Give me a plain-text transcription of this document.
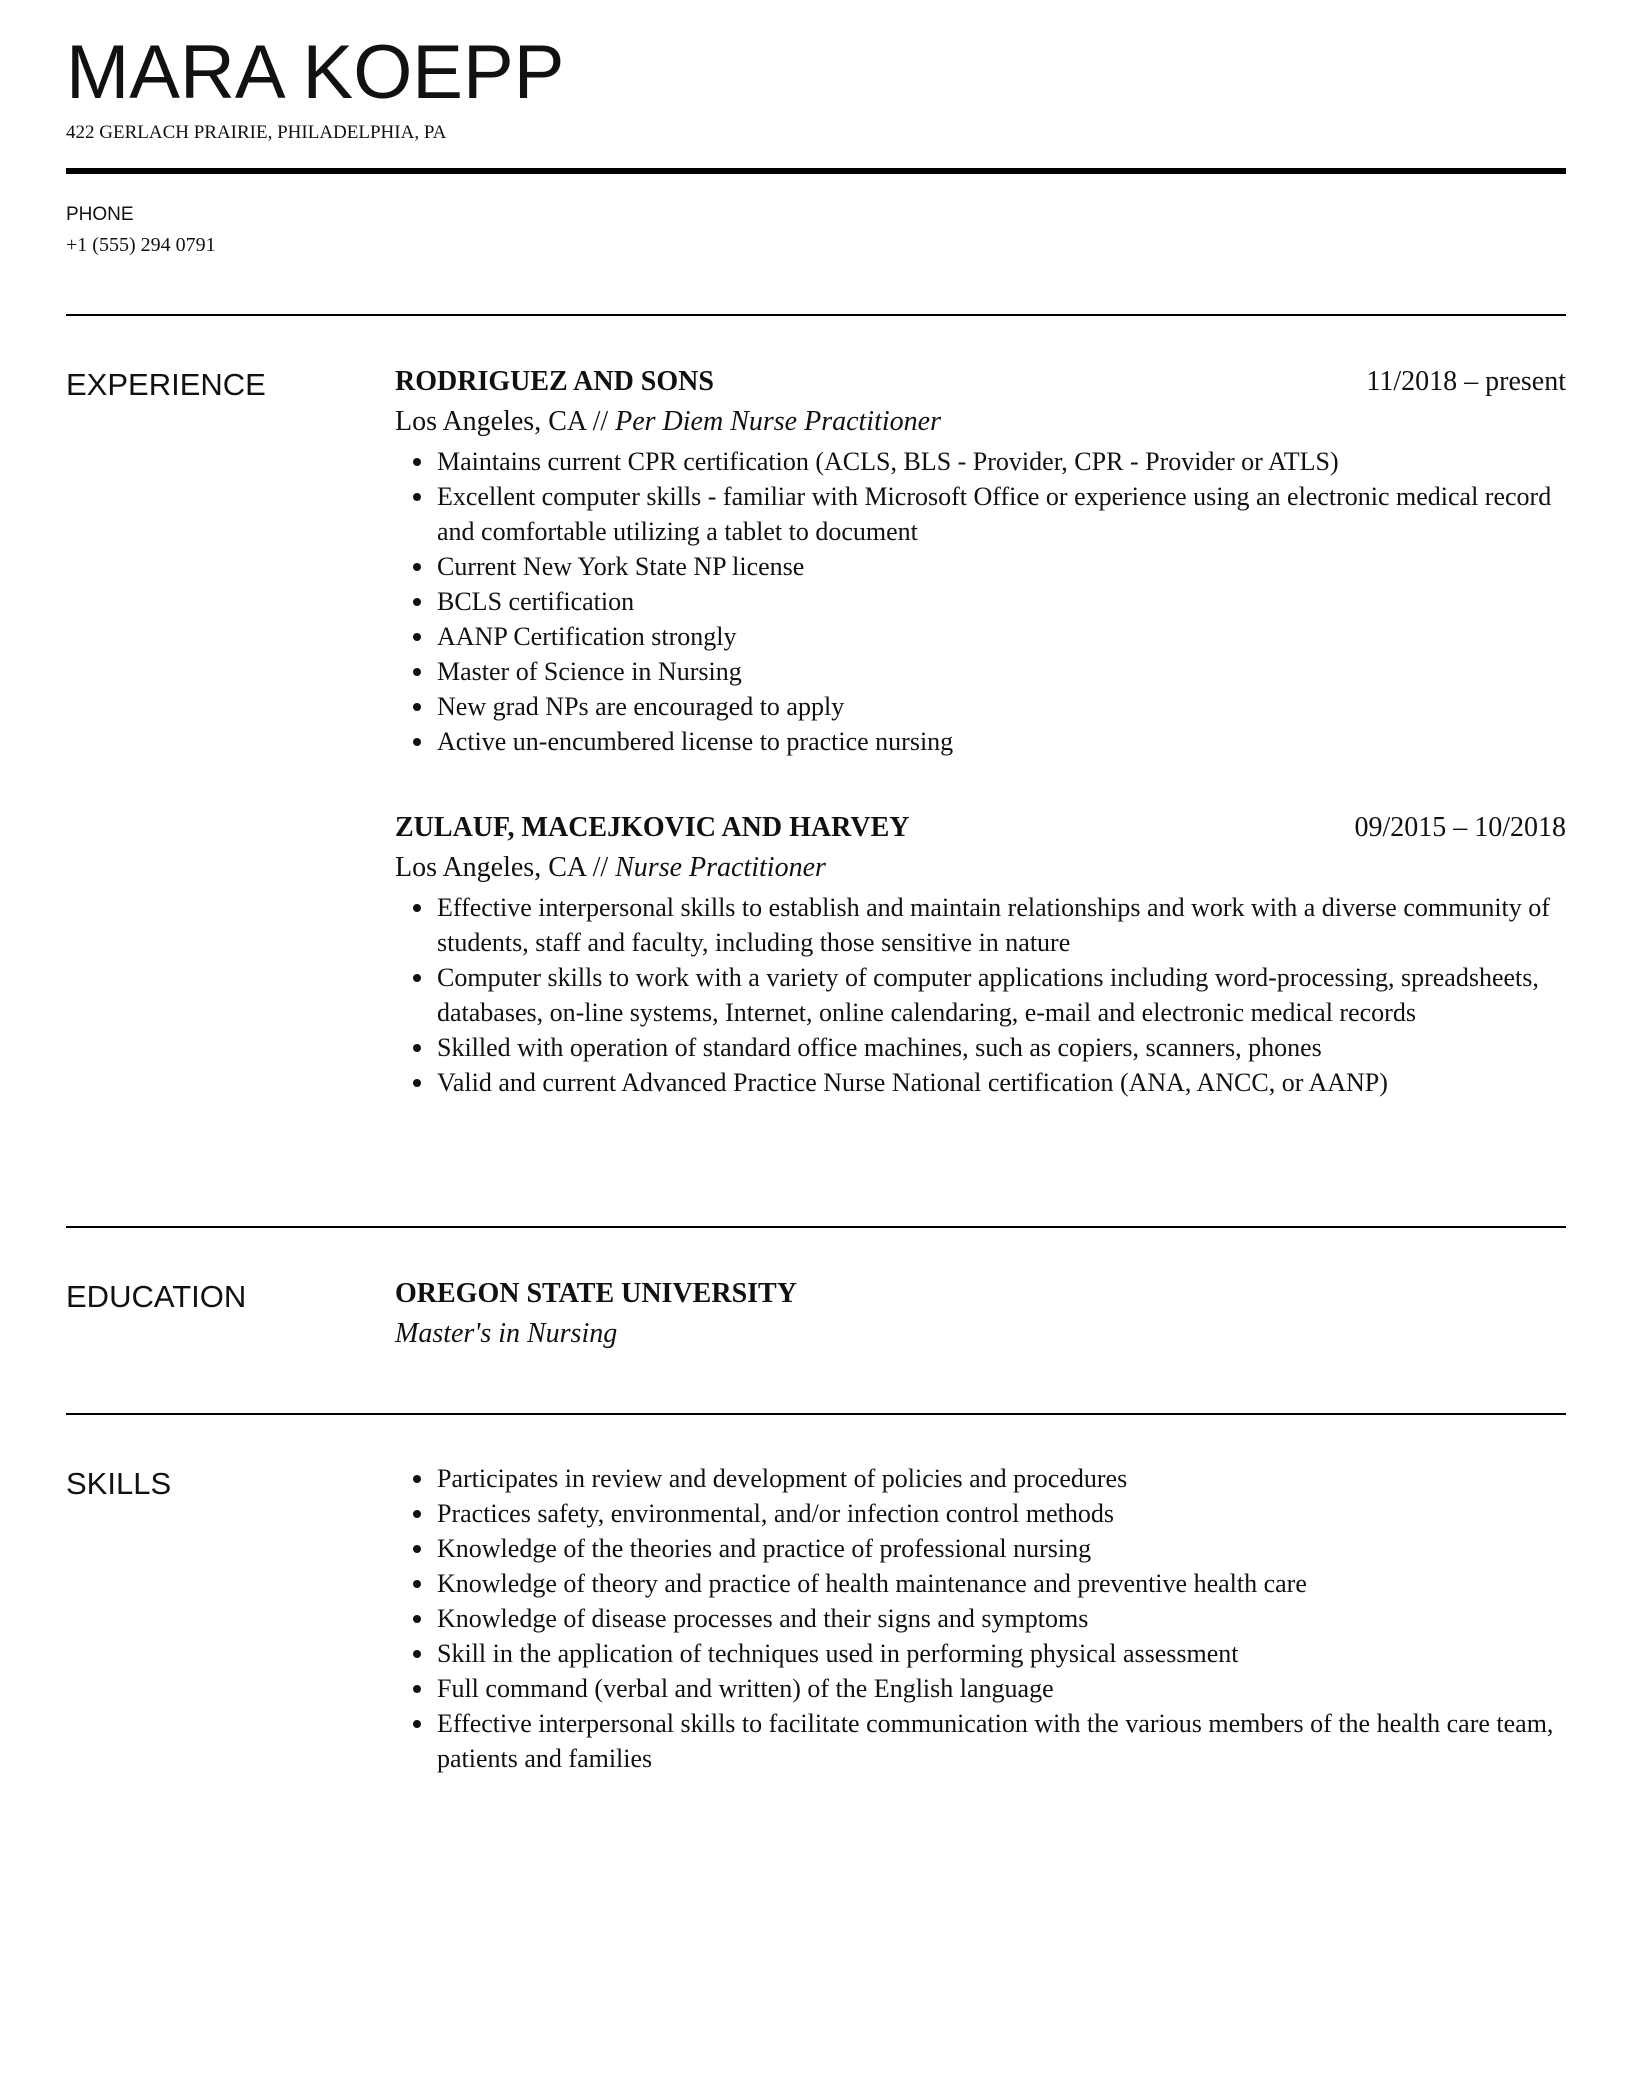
MARA KOEPP
422 GERLACH PRAIRIE, PHILADELPHIA, PA
PHONE
+1 (555) 294 0791
EXPERIENCE	RODRIGUEZ AND SONS	11/2018 – present
Los Angeles, CA // Per Diem Nurse Practitioner
Maintains current CPR certification (ACLS, BLS - Provider, CPR - Provider or ATLS)
Excellent computer skills - familiar with Microsoft Office or experience using an electronic medical record and comfortable utilizing a tablet to document
Current New York State NP license
BCLS certification
AANP Certification strongly
Master of Science in Nursing
New grad NPs are encouraged to apply
Active un-encumbered license to practice nursing
ZULAUF, MACEJKOVIC AND HARVEY	09/2015 – 10/2018
Los Angeles, CA // Nurse Practitioner
Effective interpersonal skills to establish and maintain relationships and work with a diverse community of students, staff and faculty, including those sensitive in nature
Computer skills to work with a variety of computer applications including word-processing, spreadsheets, databases, on-line systems, Internet, online calendaring, e-mail and electronic medical records
Skilled with operation of standard office machines, such as copiers, scanners, phones
Valid and current Advanced Practice Nurse National certification (ANA, ANCC, or AANP)
EDUCATION	OREGON STATE UNIVERSITY
Master's in Nursing
SKILLS	Participates in review and development of policies and procedures
Practices safety, environmental, and/or infection control methods
Knowledge of the theories and practice of professional nursing
Knowledge of theory and practice of health maintenance and preventive health care
Knowledge of disease processes and their signs and symptoms
Skill in the application of techniques used in performing physical assessment
Full command (verbal and written) of the English language
Effective interpersonal skills to facilitate communication with the various members of the health care team, patients and families
